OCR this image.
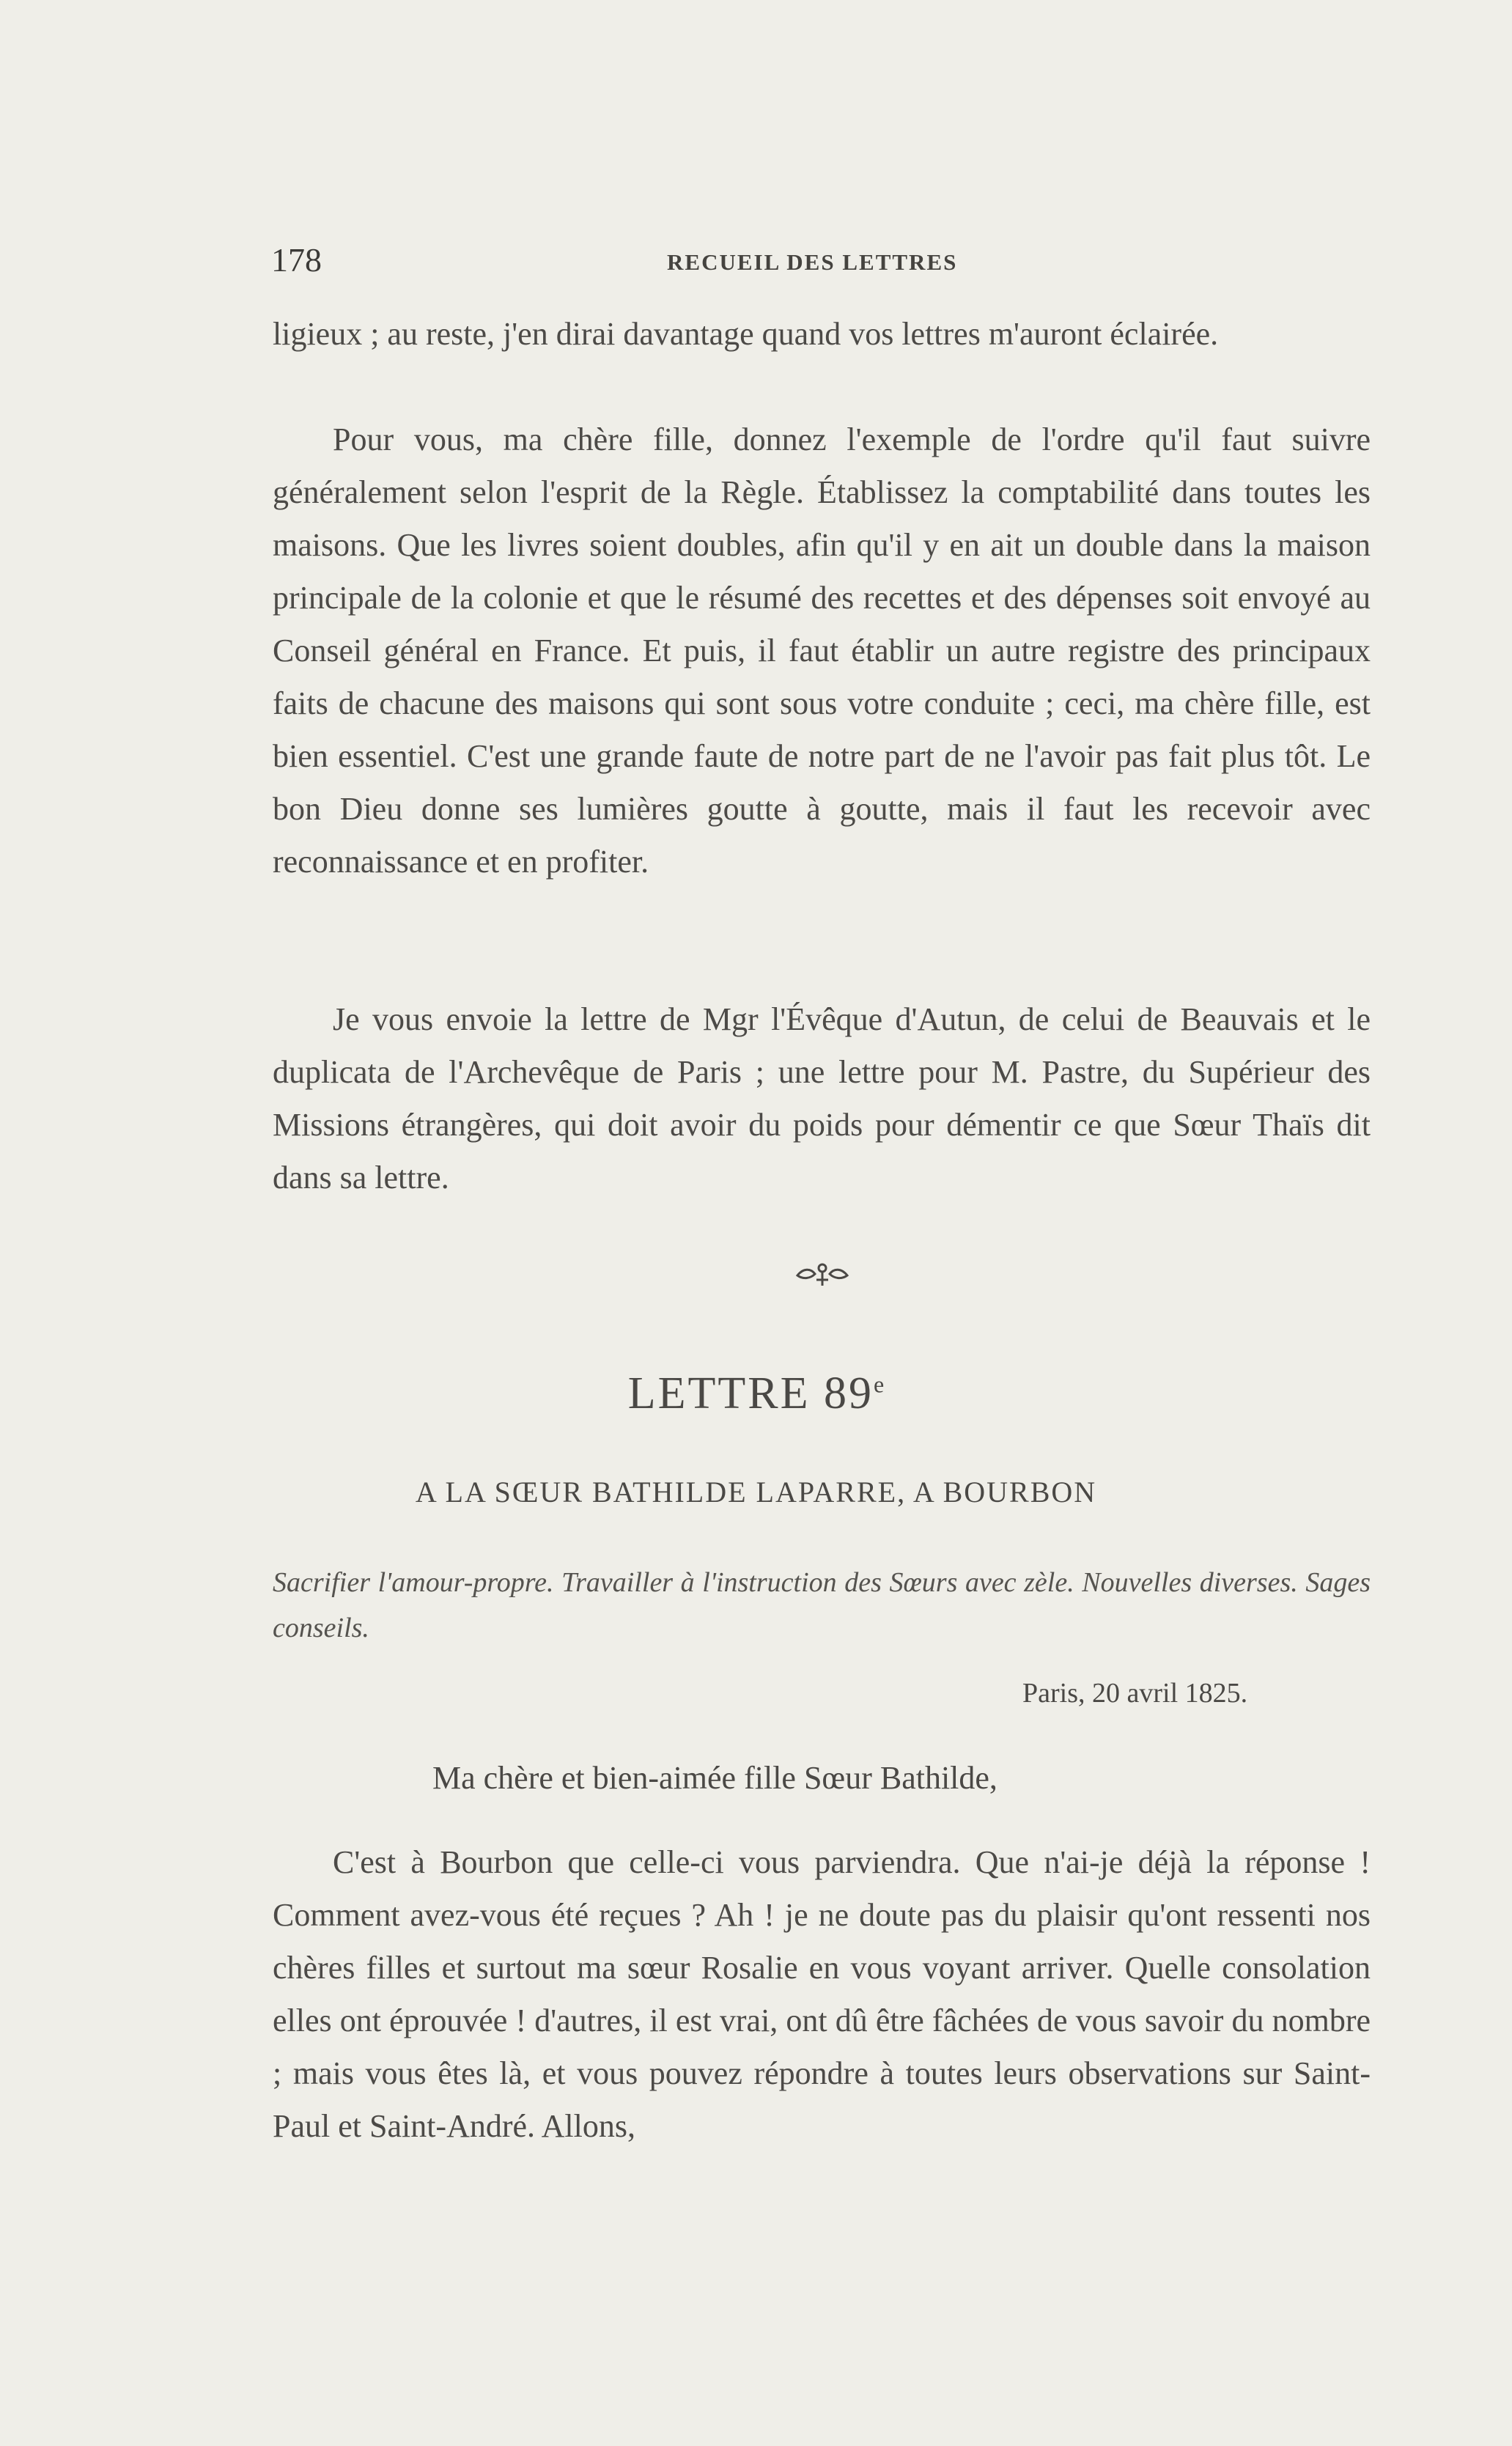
178	RECUEIL DES LETTRES

ligieux ; au reste, j'en dirai davantage quand vos lettres m'auront éclairée.

Pour vous, ma chère fille, donnez l'exemple de l'ordre qu'il faut suivre généralement selon l'esprit de la Règle. Établissez la comptabilité dans toutes les maisons. Que les livres soient doubles, afin qu'il y en ait un double dans la maison principale de la colonie et que le résumé des recettes et des dépenses soit envoyé au Conseil général en France. Et puis, il faut établir un autre registre des principaux faits de chacune des maisons qui sont sous votre conduite ; ceci, ma chère fille, est bien essentiel. C'est une grande faute de notre part de ne l'avoir pas fait plus tôt. Le bon Dieu donne ses lumières goutte à goutte, mais il faut les recevoir avec reconnaissance et en profiter.

Je vous envoie la lettre de Mgr l'Évêque d'Autun, de celui de Beauvais et le duplicata de l'Archevêque de Paris ; une lettre pour M. Pastre, du Supérieur des Missions étrangères, qui doit avoir du poids pour démentir ce que Sœur Thaïs dit dans sa lettre.

LETTRE 89e
A LA SŒUR BATHILDE LAPARRE, A BOURBON

Sacrifier l'amour-propre. Travailler à l'instruction des Sœurs avec zèle. Nouvelles diverses. Sages conseils.

Paris, 20 avril 1825.
Ma chère et bien-aimée fille Sœur Bathilde,

C'est à Bourbon que celle-ci vous parviendra. Que n'ai-je déjà la réponse ! Comment avez-vous été reçues ? Ah ! je ne doute pas du plaisir qu'ont ressenti nos chères filles et surtout ma sœur Rosalie en vous voyant arriver. Quelle consolation elles ont éprouvée ! d'autres, il est vrai, ont dû être fâchées de vous savoir du nombre ; mais vous êtes là, et vous pouvez répondre à toutes leurs observations sur Saint-Paul et Saint-André. Allons,
